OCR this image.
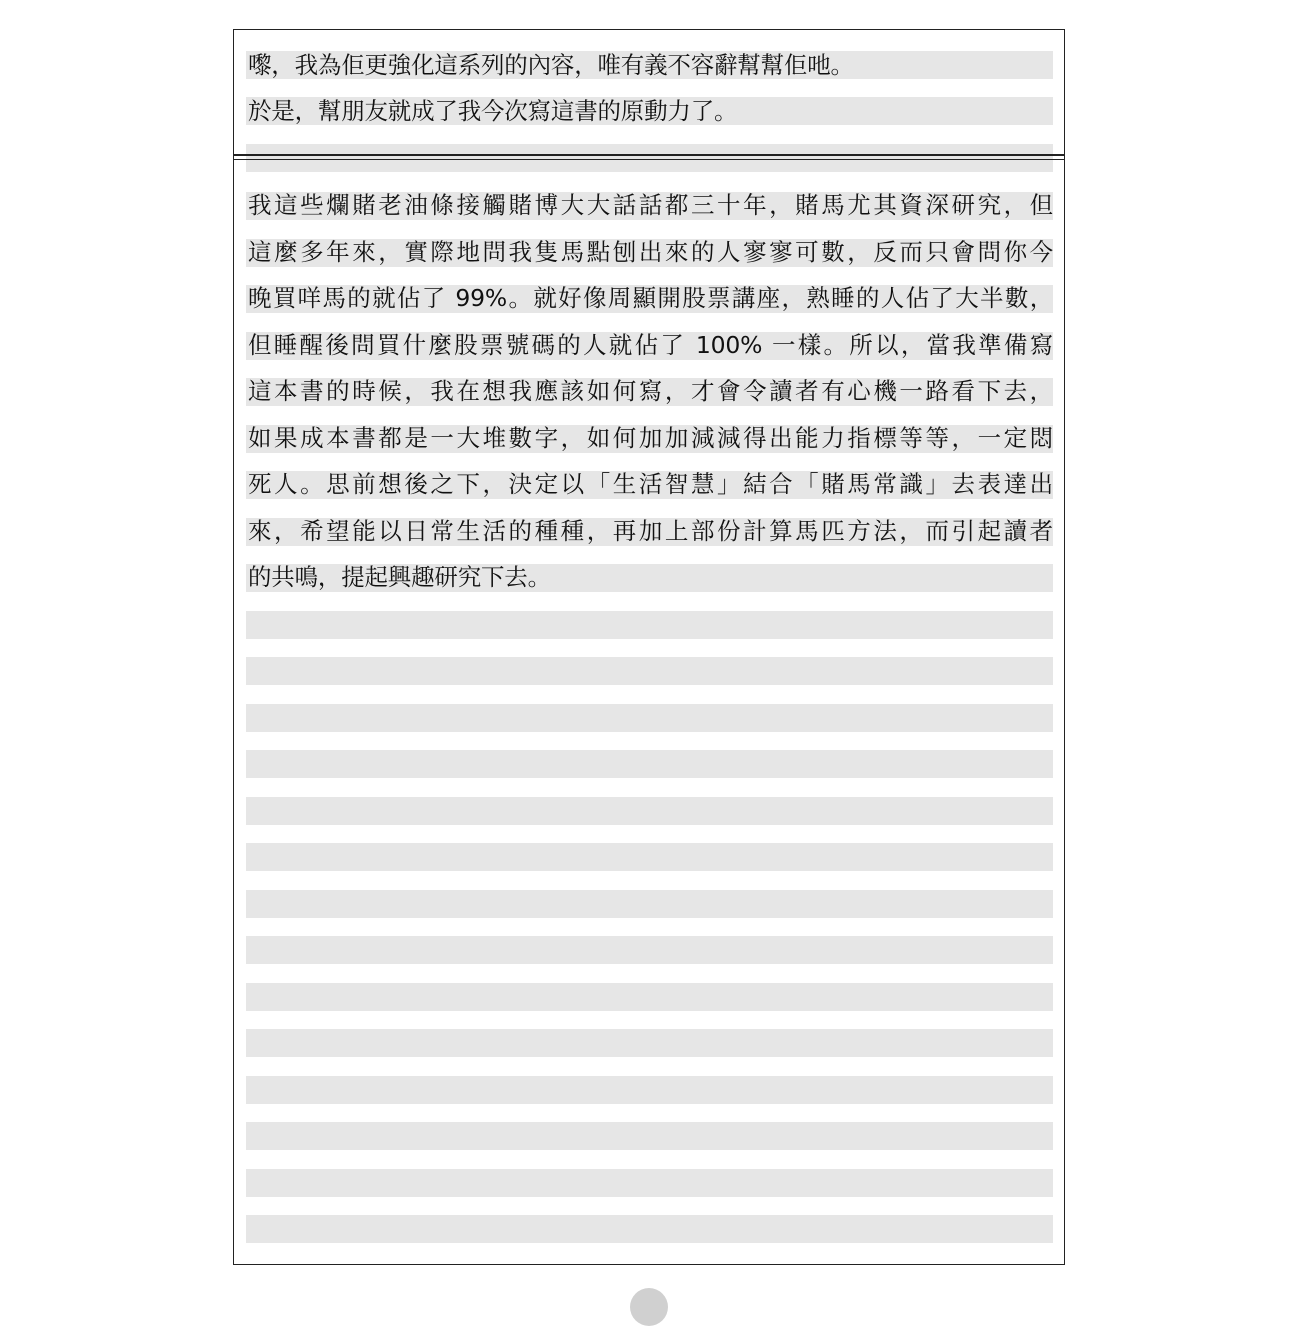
嚟，我為佢更強化這系列的內容，唯有義不容辭幫幫佢吔。
於是，幫朋友就成了我今次寫這書的原動力了。
我這些爛賭老油條接觸賭博大大話話都三十年，賭馬尤其資深研究，但
這麼多年來，實際地問我隻馬點刨出來的人寥寥可數，反而只會問你今
晚買咩馬的就佔了 99%。就好像周顯開股票講座，熟睡的人佔了大半數，
但睡醒後問買什麼股票號碼的人就佔了 100% 一樣。所以，當我準備寫
這本書的時候，我在想我應該如何寫，才會令讀者有心機一路看下去，
如果成本書都是一大堆數字，如何加加減減得出能力指標等等，一定悶
死人。思前想後之下，決定以「生活智慧」結合「賭馬常識」去表達出
來，希望能以日常生活的種種，再加上部份計算馬匹方法，而引起讀者
的共鳴，提起興趣研究下去。
